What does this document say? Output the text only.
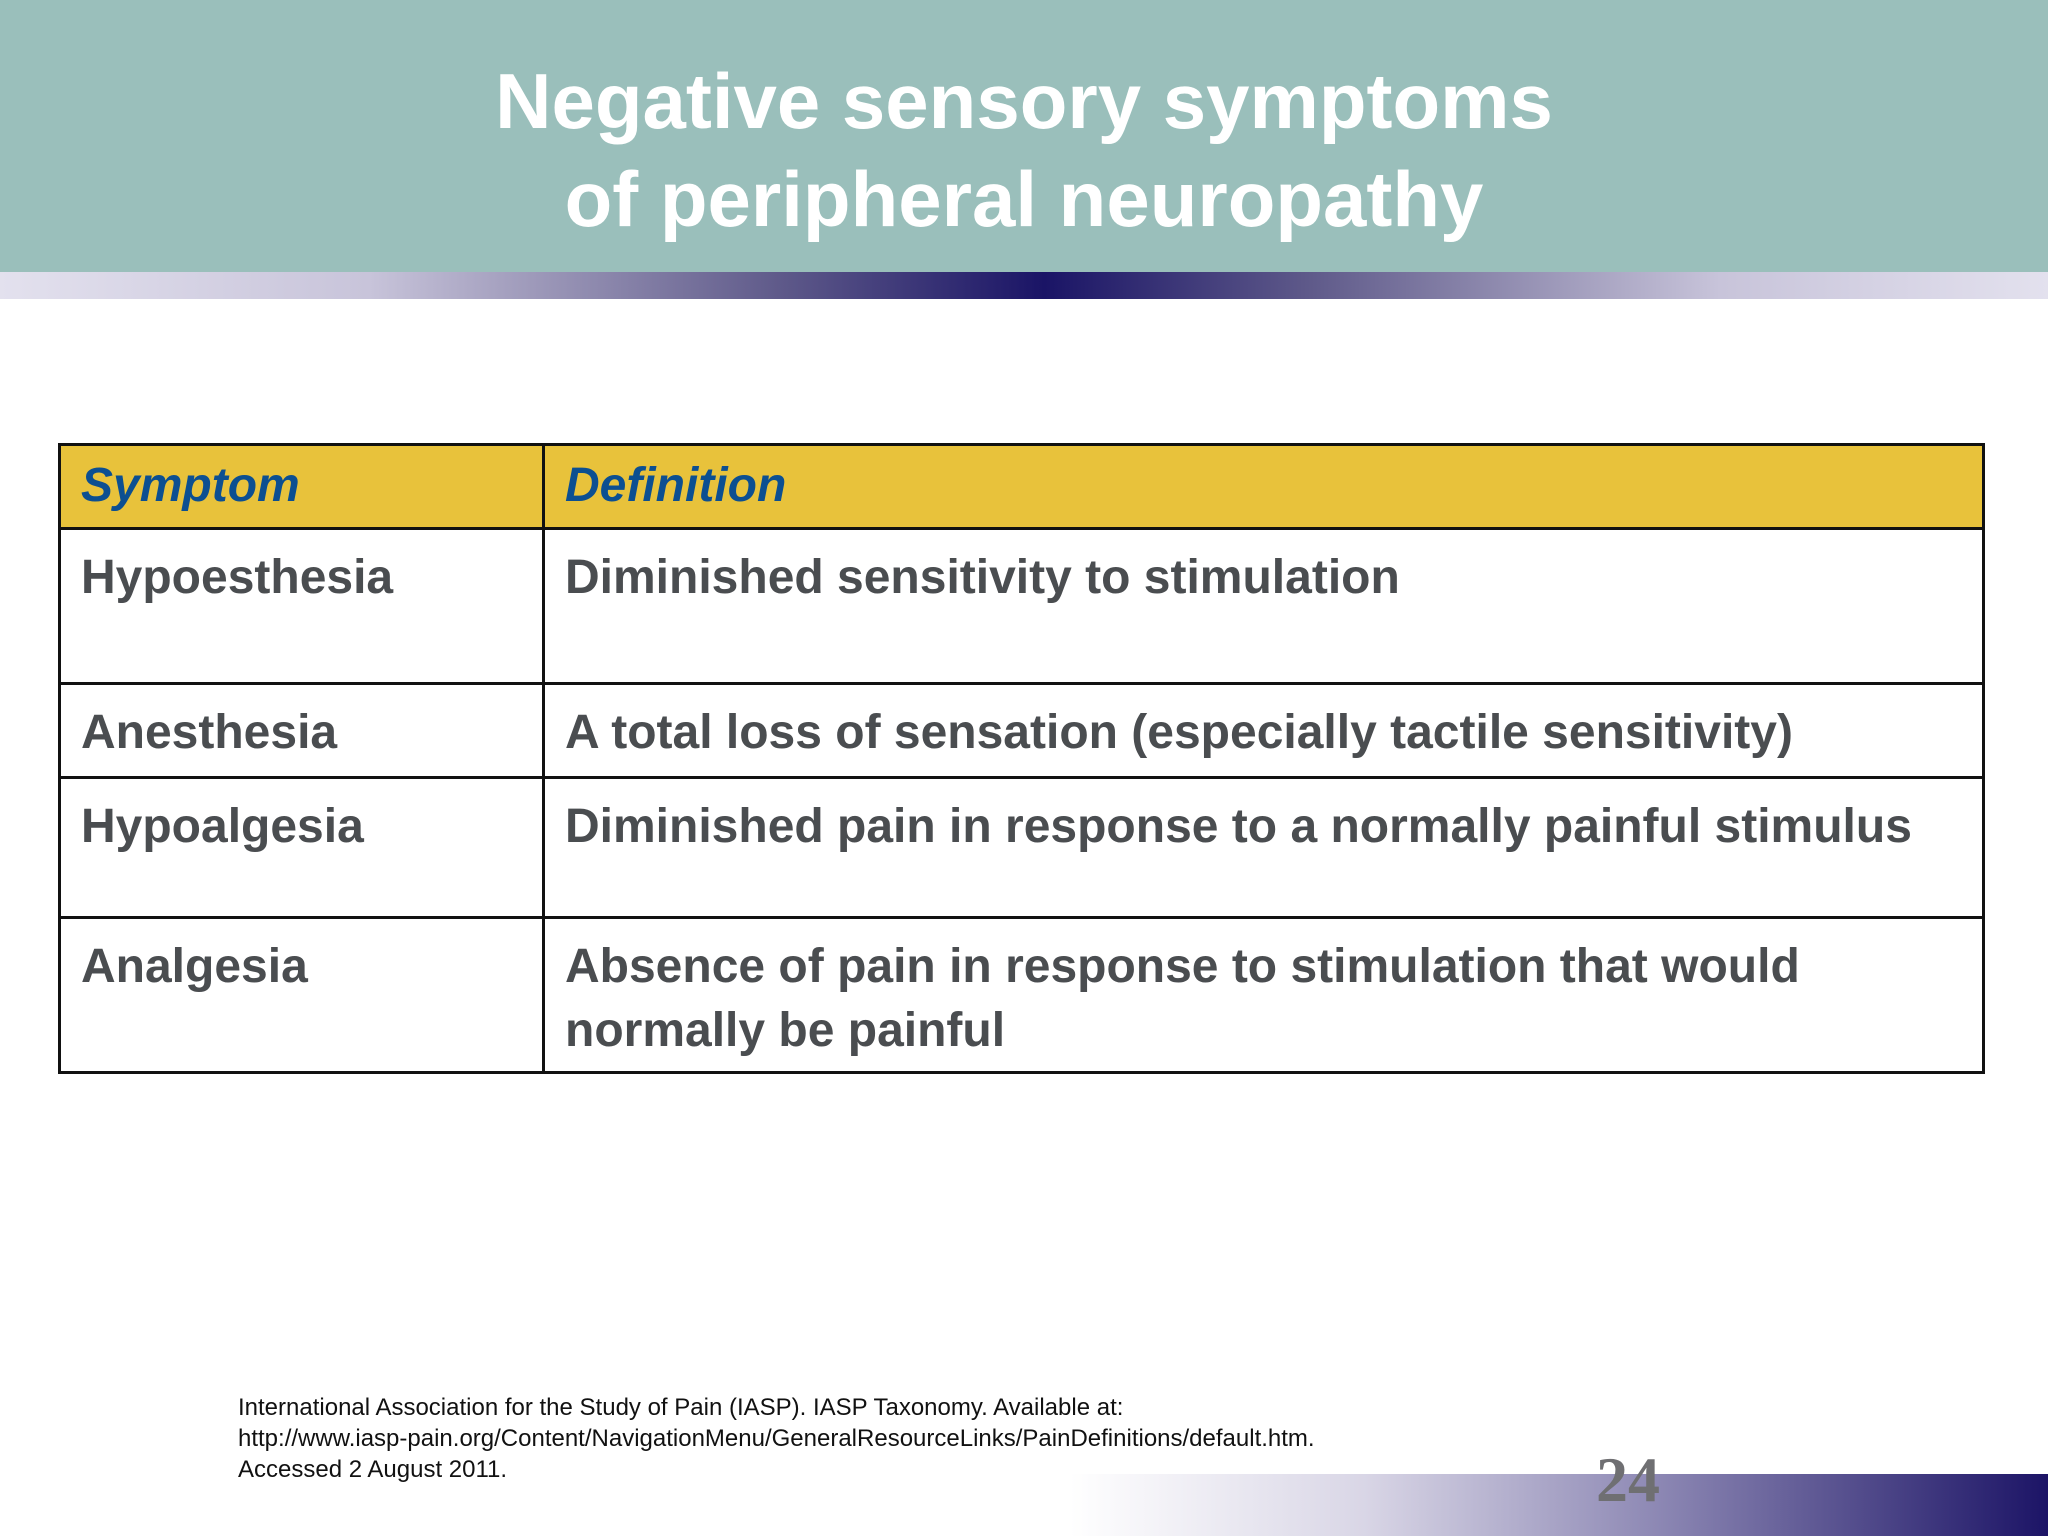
Negative sensory symptoms
of peripheral neuropathy
Symptom	Definition
Hypoesthesia	Diminished sensitivity to stimulation
Anesthesia	A total loss of sensation (especially tactile sensitivity)
Hypoalgesia	Diminished pain in response to a normally painful stimulus
Analgesia	Absence of pain in response to stimulation that would normally be painful
International Association for the Study of Pain (IASP). IASP Taxonomy. Available at:
http://www.iasp-pain.org/Content/NavigationMenu/GeneralResourceLinks/PainDefinitions/default.htm.
Accessed 2 August 2011.	24
